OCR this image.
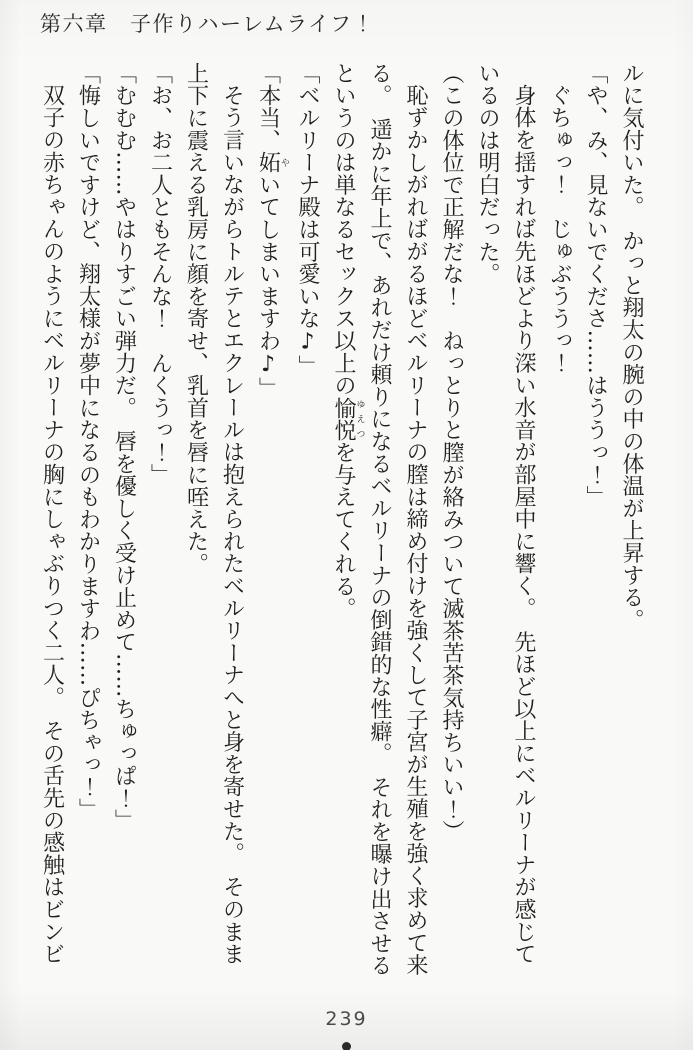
第六章　子作りハーレムライフ！

ルに気付いた。　かっと翔太の腕の中の体温が上昇する。

「や、み、見ないでくださ……はううっ！」

ぐちゅっ！　じゅぶううっ！

身体を揺すれば先ほどより深い水音が部屋中に響く。　先ほど以上にベルリーナが感じているのは明白だった。

（この体位で正解だな！　ねっとりと膣が絡みついて滅茶苦茶気持ちいい！）

恥ずかしがればがるほどベルリーナの膣は締め付けを強くして子宮が生殖を強く求めて来る。　遥かに年上で、あれだけ頼りになるベルリーナの倒錯的な性癖。　それを曝け出させるというのは単なるセックス以上の愉悦ゆえつを与えてくれる。

「ベルリーナ殿は可愛いな♪」

「本当、妬やいてしまいますわ♪」

そう言いながらトルテとエクレールは抱えられたベルリーナへと身を寄せた。　そのまま上下に震える乳房に顔を寄せ、乳首を唇に咥えた。

「お、お二人ともそんな！　んくうっ！」

「むむむ……やはりすごい弾力だ。　唇を優しく受け止めて……ちゅっぱ！」

「悔しいですけど、翔太様が夢中になるのもわかりますわ……ぴちゃっ！」

双子の赤ちゃんのようにベルリーナの胸にしゃぶりつく二人。　その舌先の感触はビンビ

239
